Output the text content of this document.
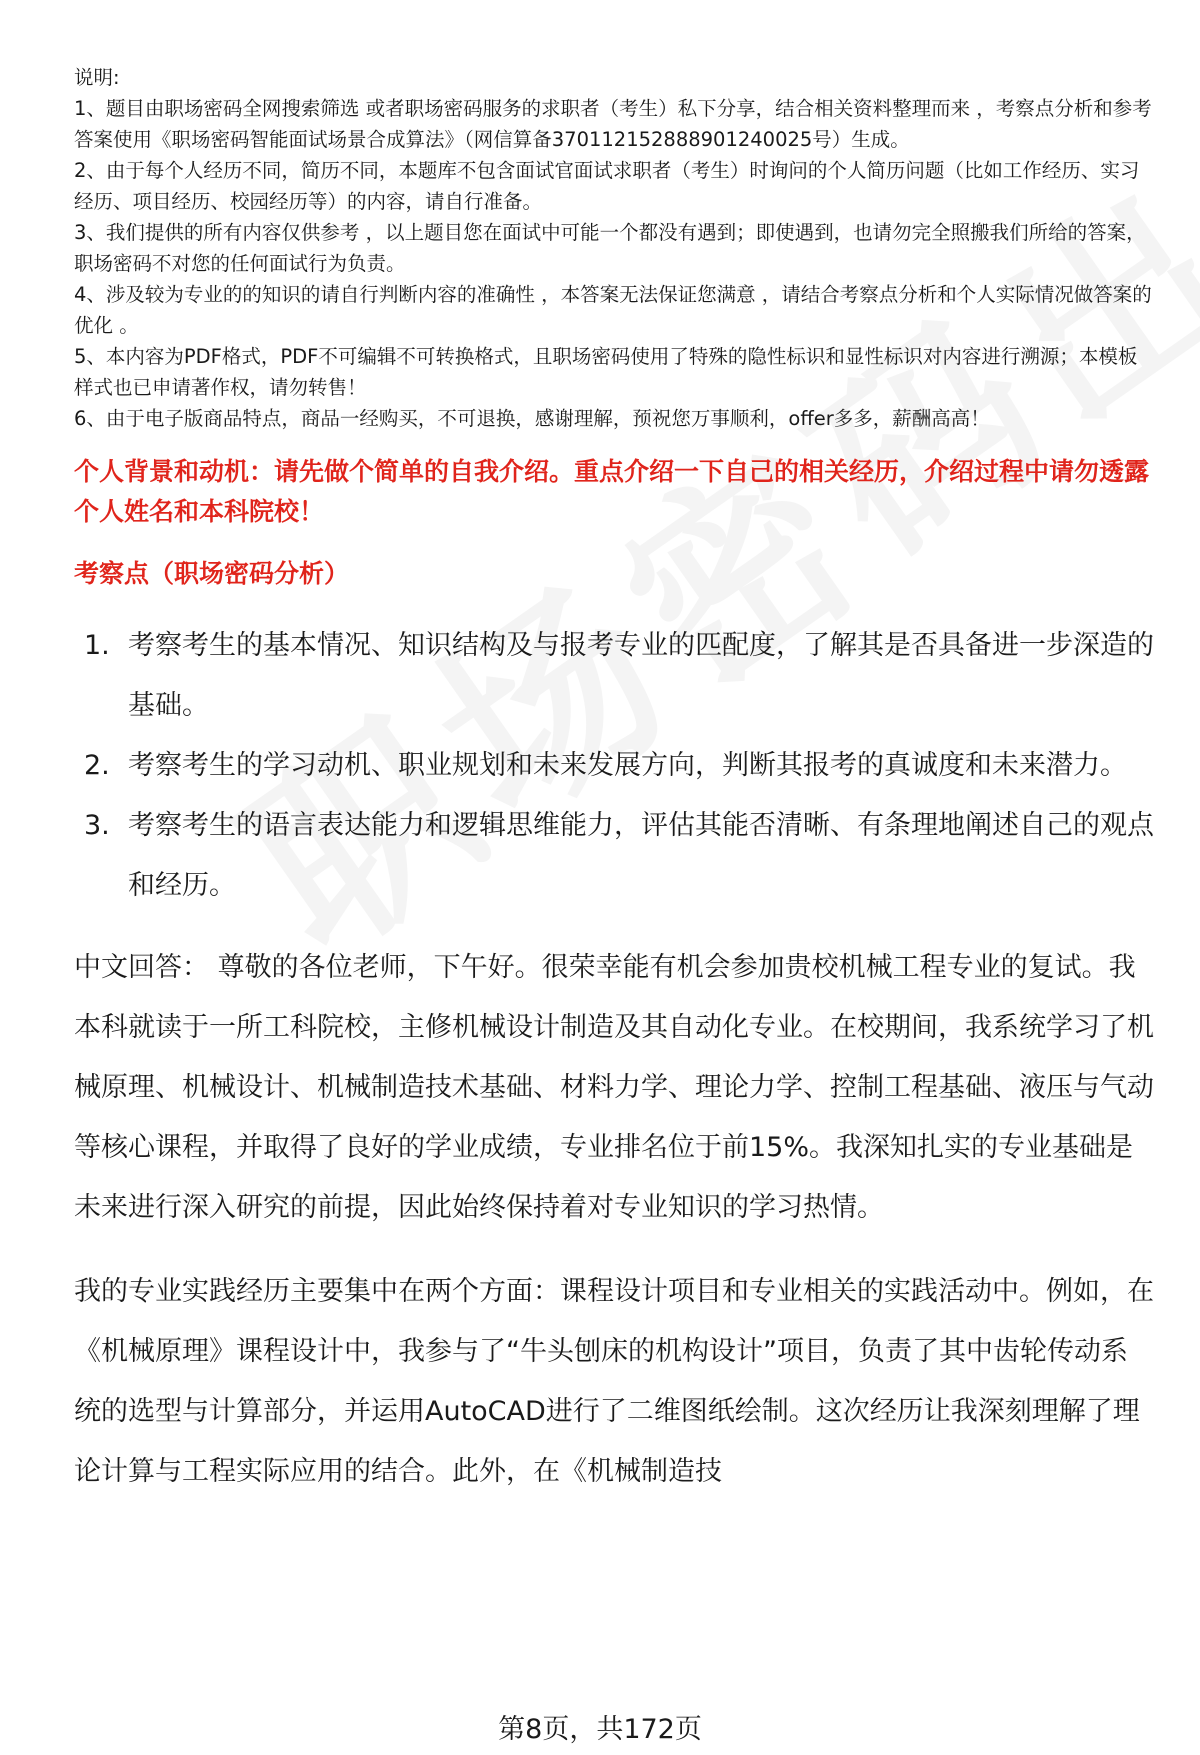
说明:

1、题目由职场密码全网搜索筛选 或者职场密码服务的求职者（考生）私下分享，结合相关资料整理而来 ，考察点分析和参考答案使用《职场密码智能面试场景合成算法》（网信算备370112152888901240025号）生成。

2、由于每个人经历不同，简历不同，本题库不包含面试官面试求职者（考生）时询问的个人简历问题（比如工作经历、实习经历、项目经历、校园经历等）的内容，请自行准备。

3、我们提供的所有内容仅供参考 ，以上题目您在面试中可能一个都没有遇到；即使遇到，也请勿完全照搬我们所给的答案，职场密码不对您的任何面试行为负责。

4、涉及较为专业的的知识的请自行判断内容的准确性 ，本答案无法保证您满意 ，请结合考察点分析和个人实际情况做答案的优化 。

5、本内容为PDF格式，PDF不可编辑不可转换格式，且职场密码使用了特殊的隐性标识和显性标识对内容进行溯源；本模板样式也已申请著作权，请勿转售！

6、由于电子版商品特点，商品一经购买，不可退换，感谢理解，预祝您万事顺利，offer多多，薪酬高高！

个人背景和动机：请先做个简单的自我介绍。重点介绍一下自己的相关经历，介绍过程中请勿透露个人姓名和本科院校！
考察点（职场密码分析）
1. 考察考生的基本情况、知识结构及与报考专业的匹配度，了解其是否具备进一步深造的基础。
2. 考察考生的学习动机、职业规划和未来发展方向，判断其报考的真诚度和未来潜力。
3. 考察考生的语言表达能力和逻辑思维能力，评估其能否清晰、有条理地阐述自己的观点和经历。

中文回答： 尊敬的各位老师，下午好。很荣幸能有机会参加贵校机械工程专业的复试。我本科就读于一所工科院校，主修机械设计制造及其自动化专业。在校期间，我系统学习了机械原理、机械设计、机械制造技术基础、材料力学、理论力学、控制工程基础、液压与气动等核心课程，并取得了良好的学业成绩，专业排名位于前15%。我深知扎实的专业基础是未来进行深入研究的前提，因此始终保持着对专业知识的学习热情。

我的专业实践经历主要集中在两个方面：课程设计项目和专业相关的实践活动中。例如，在《机械原理》课程设计中，我参与了“牛头刨床的机构设计”项目，负责了其中齿轮传动系统的选型与计算部分，并运用AutoCAD进行了二维图纸绘制。这次经历让我深刻理解了理论计算与工程实际应用的结合。此外，在《机械制造技

第8页，共172页
